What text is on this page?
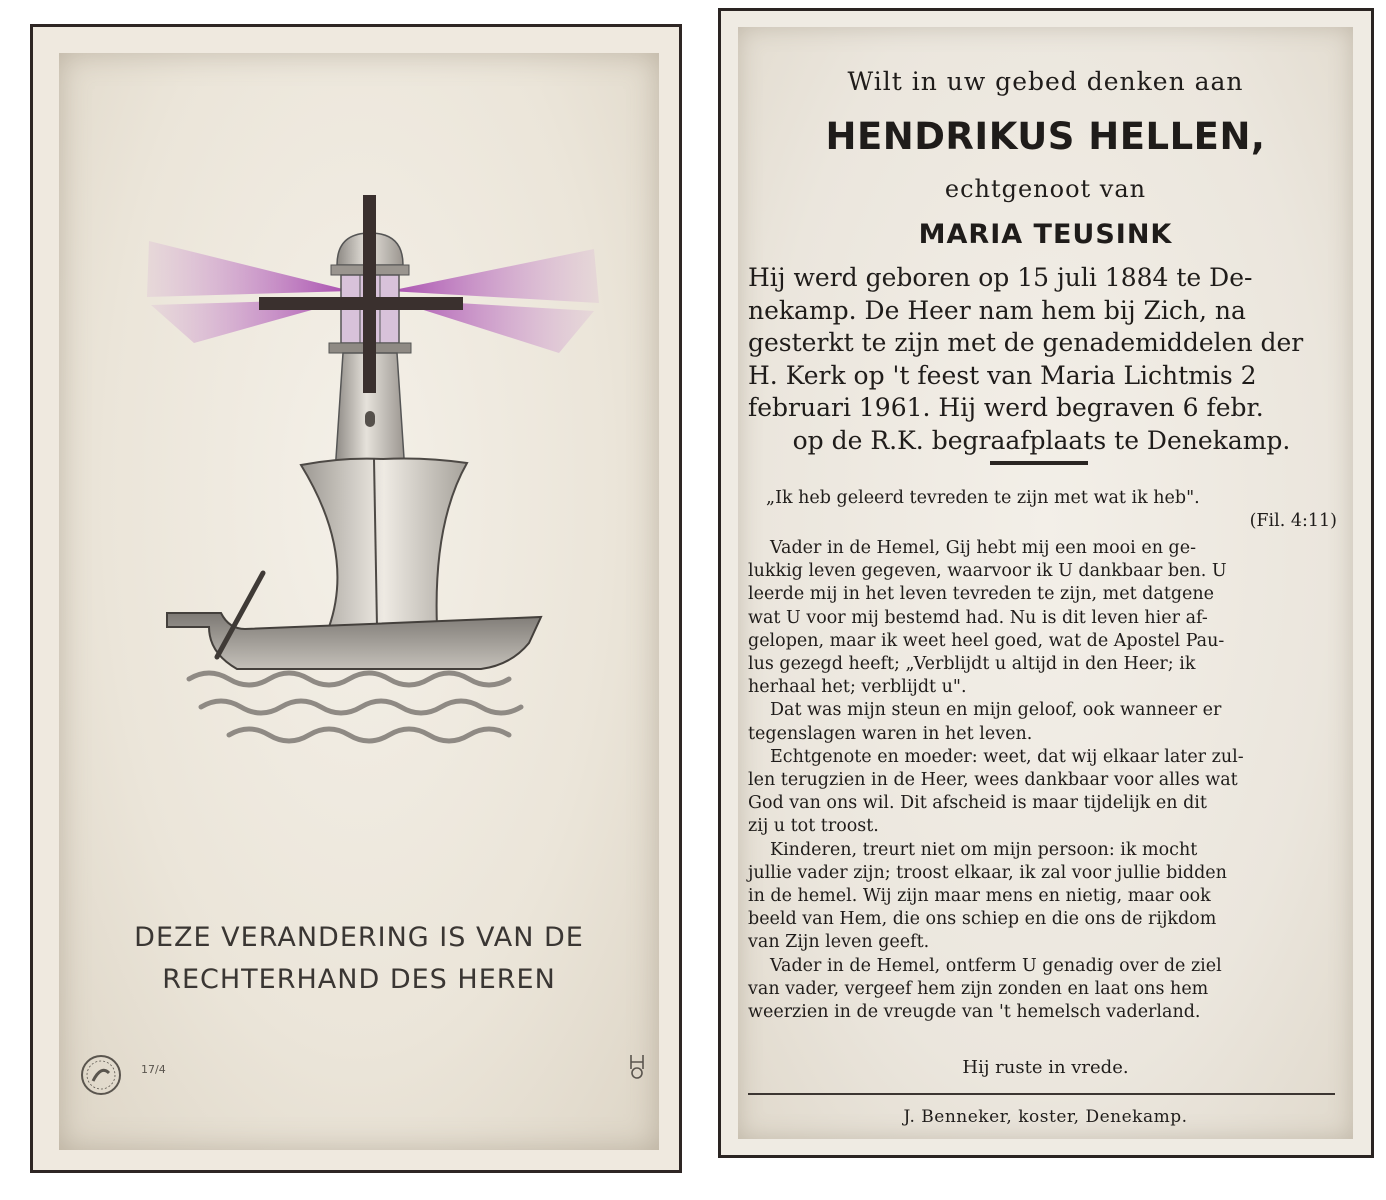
DEZE VERANDERING IS VAN DE
RECHTERHAND DES HEREN
17/4
Wilt in uw gebed denken aan
HENDRIKUS HELLEN,
echtgenoot van
MARIA TEUSINK
Hij werd geboren op 15 juli 1884 te De-
nekamp. De Heer nam hem bij Zich, na
gesterkt te zijn met de genademiddelen der
H. Kerk op 't feest van Maria Lichtmis 2
februari 1961. Hij werd begraven 6 febr.
op de R.K. begraafplaats te Denekamp.
„Ik heb geleerd tevreden te zijn met wat ik heb".
(Fil. 4:11)
Vader in de Hemel, Gij hebt mij een mooi en ge-
lukkig leven gegeven, waarvoor ik U dankbaar ben. U
leerde mij in het leven tevreden te zijn, met datgene
wat U voor mij bestemd had. Nu is dit leven hier af-
gelopen, maar ik weet heel goed, wat de Apostel Pau-
lus gezegd heeft; „Verblijdt u altijd in den Heer; ik
herhaal het; verblijdt u".
Dat was mijn steun en mijn geloof, ook wanneer er
tegenslagen waren in het leven.
Echtgenote en moeder: weet, dat wij elkaar later zul-
len terugzien in de Heer, wees dankbaar voor alles wat
God van ons wil. Dit afscheid is maar tijdelijk en dit
zij u tot troost.
Kinderen, treurt niet om mijn persoon: ik mocht
jullie vader zijn; troost elkaar, ik zal voor jullie bidden
in de hemel. Wij zijn maar mens en nietig, maar ook
beeld van Hem, die ons schiep en die ons de rijkdom
van Zijn leven geeft.
Vader in de Hemel, ontferm U genadig over de ziel
van vader, vergeef hem zijn zonden en laat ons hem
weerzien in de vreugde van 't hemelsch vaderland.
Hij ruste in vrede.
J. Benneker, koster, Denekamp.
